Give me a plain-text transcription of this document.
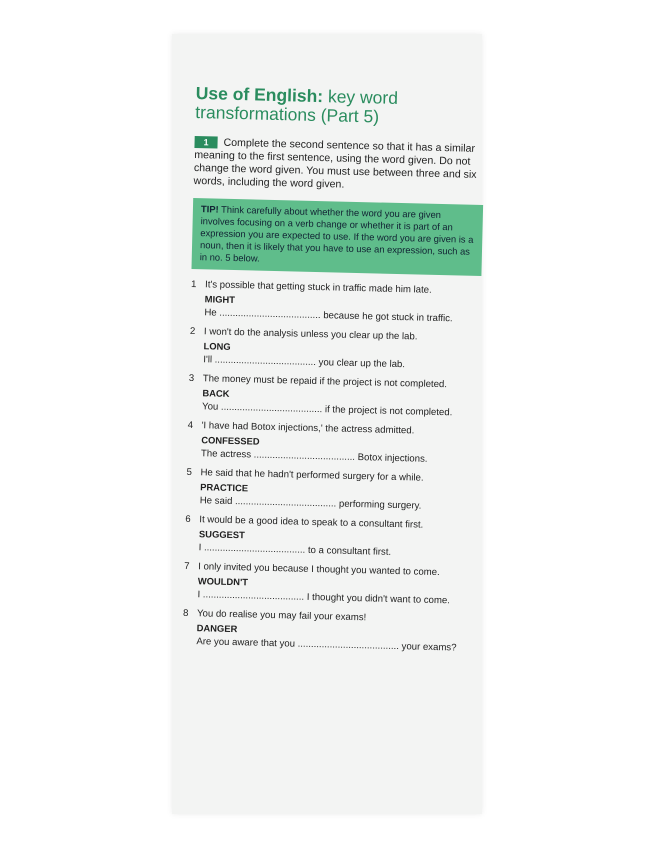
Use of English: key word transformations (Part 5)

1 Complete the second sentence so that it has a similar meaning to the first sentence, using the word given. Do not change the word given. You must use between three and six words, including the word given.

TIP! Think carefully about whether the word you are given involves focusing on a verb change or whether it is part of an expression you are expected to use. If the word you are given is a noun, then it is likely that you have to use an expression, such as in no. 5 below.
1 It's possible that getting stuck in traffic made him late.
MIGHT
He ...................................... because he got stuck in traffic.
2 I won't do the analysis unless you clear up the lab.
LONG
I'll ...................................... you clear up the lab.
3 The money must be repaid if the project is not completed.
BACK
You ...................................... if the project is not completed.
4 'I have had Botox injections,' the actress admitted.
CONFESSED
The actress ...................................... Botox injections.
5 He said that he hadn't performed surgery for a while.
PRACTICE
He said ...................................... performing surgery.
6 It would be a good idea to speak to a consultant first.
SUGGEST
I ...................................... to a consultant first.
7 I only invited you because I thought you wanted to come.
WOULDN'T
I ...................................... I thought you didn't want to come.
8 You do realise you may fail your exams!
DANGER
Are you aware that you ...................................... your exams?
